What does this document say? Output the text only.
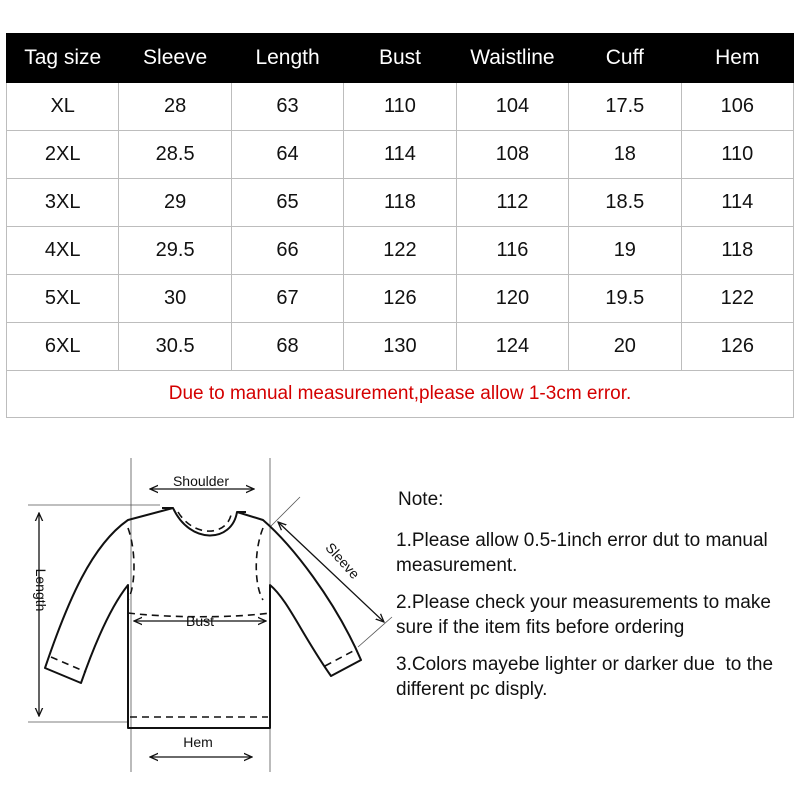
Tag size	Sleeve	Length	Bust	Waistline	Cuff	Hem
XL	28	63	110	104	17.5	106
2XL	28.5	64	114	108	18	110
3XL	29	65	118	112	18.5	114
4XL	29.5	66	122	116	19	118
5XL	30	67	126	120	19.5	122
6XL	30.5	68	130	124	20	126
Due to manual measurement,please allow 1-3cm error.						
Shoulder
Bust
Hem
Length
Sleeve
Note:

1.Please allow 0.5-1inch error dut to manual measurement.

2.Please check your measurements to make sure if the item fits before ordering

3.Colors mayebe lighter or darker due  to the different pc disply.
